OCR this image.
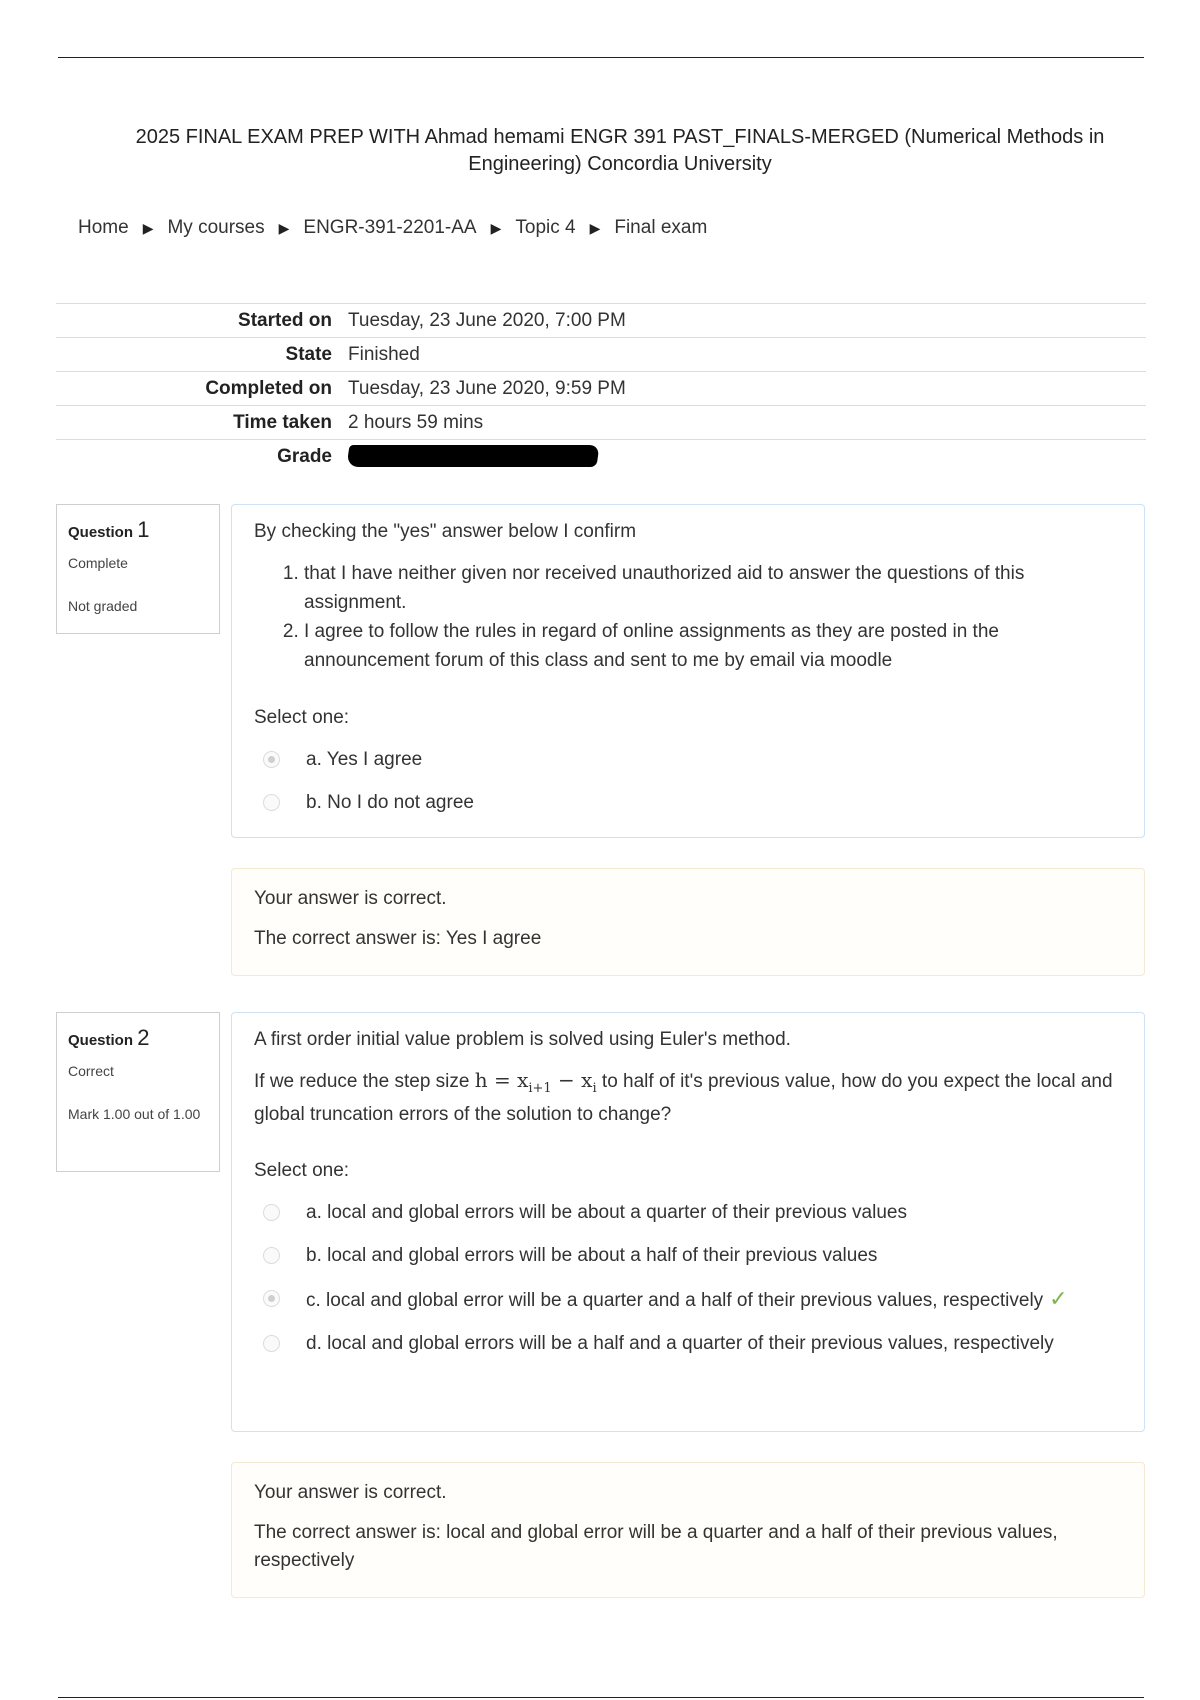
2025 FINAL EXAM PREP WITH Ahmad hemami ENGR 391 PAST_FINALS-MERGED (Numerical Methods in Engineering) Concordia University
Home ▶ My courses ▶ ENGR-391-2201-AA ▶ Topic 4 ▶ Final exam
Started on	Tuesday, 23 June 2020, 7:00 PM
State	Finished
Completed on	Tuesday, 23 June 2020, 9:59 PM
Time taken	2 hours 59 mins
Grade	
Question 1
Complete
Not graded

By checking the "yes" answer below I confirm

1. that I have neither given nor received unauthorized aid to answer the questions of this assignment.
2. I agree to follow the rules in regard of online assignments as they are posted in the announcement forum of this class and sent to me by email via moodle

Select one:

a. Yes I agree
b. No I do not agree

Your answer is correct.

The correct answer is: Yes I agree

Question 2
Correct
Mark 1.00 out of 1.00

A first order initial value problem is solved using Euler's method.

If we reduce the step size $h = x_{i+1} - x_i$ to half of it's previous value, how do you expect the local and global truncation errors of the solution to change?

Select one:

a. local and global errors will be about a quarter of their previous values
b. local and global errors will be about a half of their previous values
c. local and global error will be a quarter and a half of their previous values, respectively ✓
d. local and global errors will be a half and a quarter of their previous values, respectively

Your answer is correct.

The correct answer is: local and global error will be a quarter and a half of their previous values, respectively
